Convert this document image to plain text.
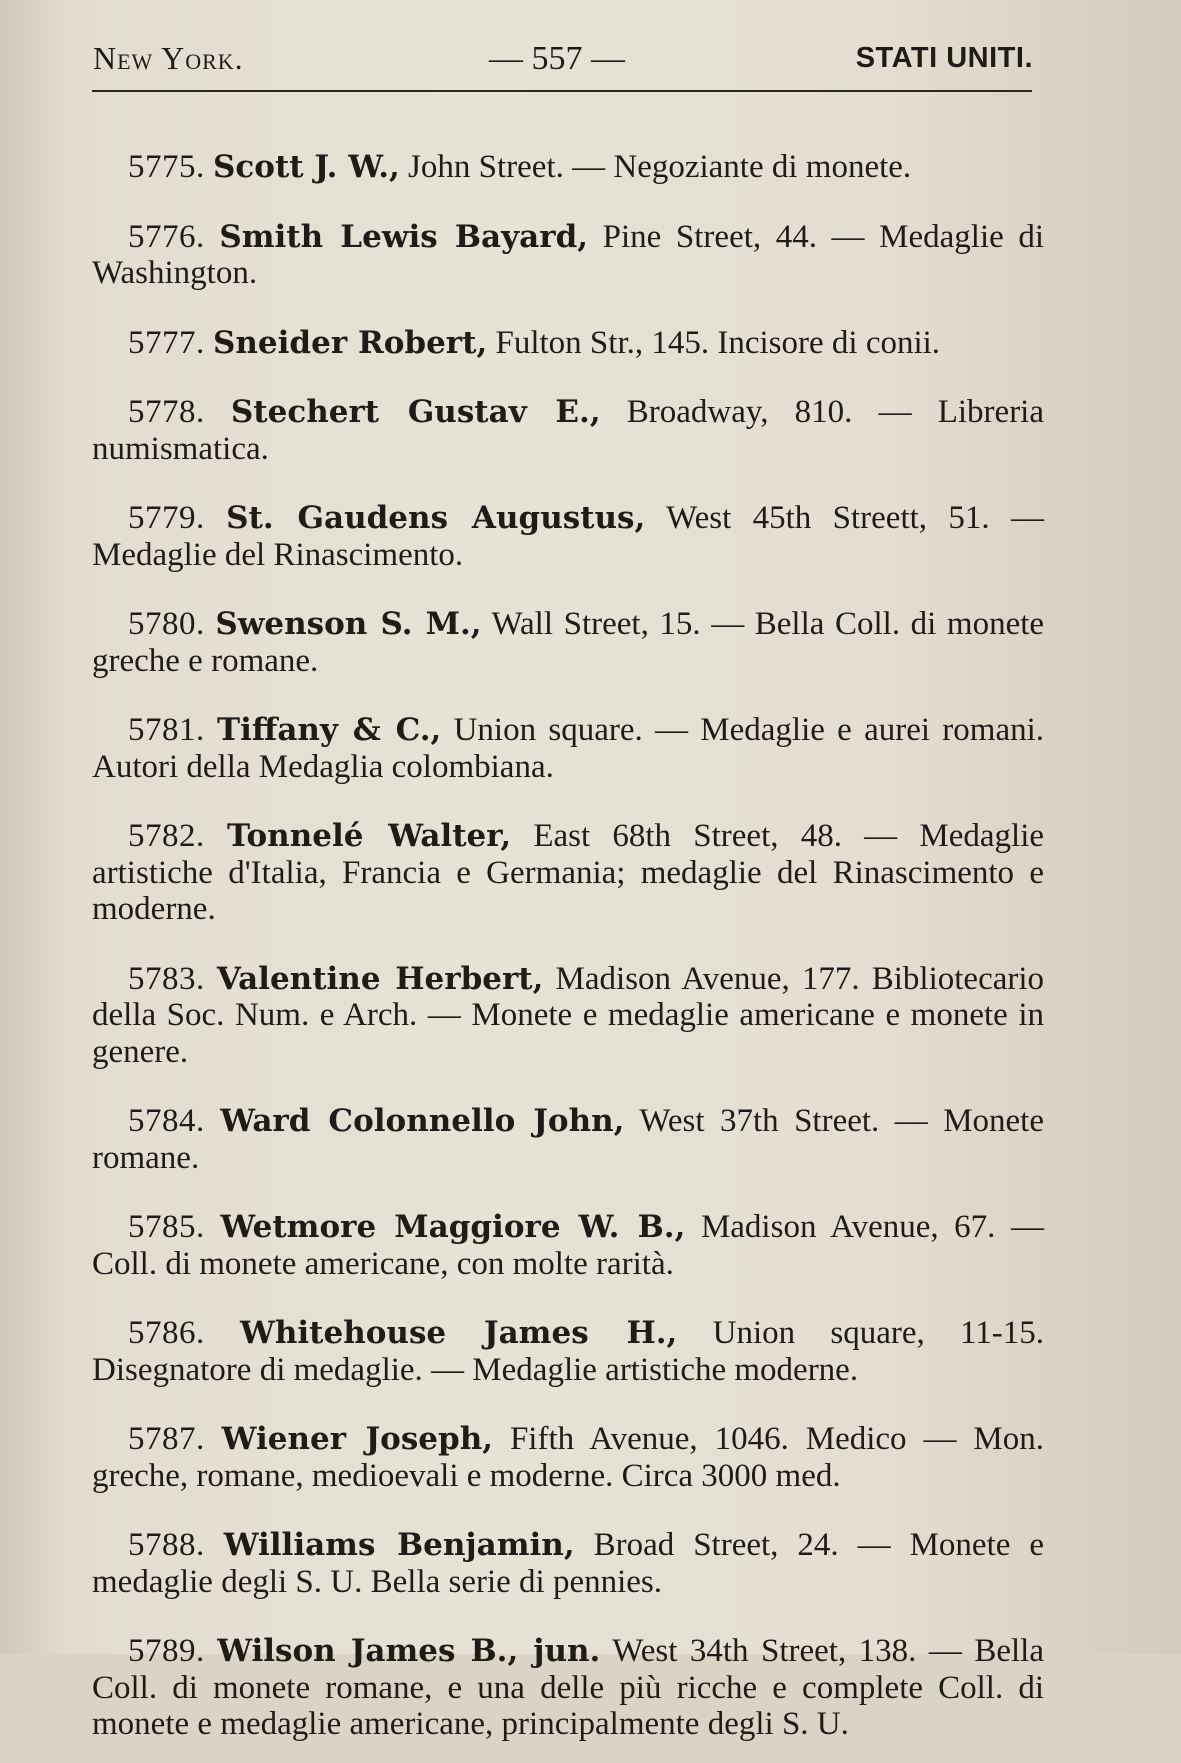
New York.	— 557 —	STATI UNITI.

5775. Scott J. W., John Street. — Negoziante di monete.

5776. Smith Lewis Bayard, Pine Street, 44. — Medaglie di Washington.

5777. Sneider Robert, Fulton Str., 145. Incisore di conii.

5778. Stechert Gustav E., Broadway, 810. — Libreria numismatica.

5779. St. Gaudens Augustus, West 45th Streett, 51. — Medaglie del Rinascimento.

5780. Swenson S. M., Wall Street, 15. — Bella Coll. di monete greche e romane.

5781. Tiffany & C., Union square. — Medaglie e aurei romani. Autori della Medaglia colombiana.

5782. Tonnelé Walter, East 68th Street, 48. — Medaglie artistiche d'Italia, Francia e Germania; medaglie del Rinascimento e moderne.

5783. Valentine Herbert, Madison Avenue, 177. Bibliotecario della Soc. Num. e Arch. — Monete e medaglie americane e monete in genere.

5784. Ward Colonnello John, West 37th Street. — Monete romane.

5785. Wetmore Maggiore W. B., Madison Avenue, 67. — Coll. di monete americane, con molte rarità.

5786. Whitehouse James H., Union square, 11-15. Disegnatore di medaglie. — Medaglie artistiche moderne.

5787. Wiener Joseph, Fifth Avenue, 1046. Medico — Mon. greche, romane, medioevali e moderne. Circa 3000 med.

5788. Williams Benjamin, Broad Street, 24. — Monete e medaglie degli S. U. Bella serie di pennies.

5789. Wilson James B., jun. West 34th Street, 138. — Bella Coll. di monete romane, e una delle più ricche e complete Coll. di monete e medaglie americane, principalmente degli S. U.
